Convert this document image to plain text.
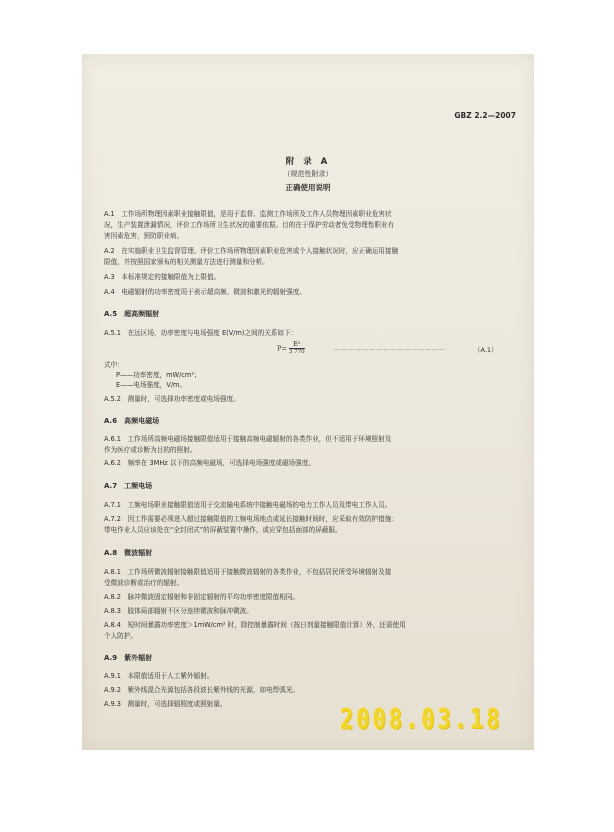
GBZ 2.2—2007
附 录 A
（规范性附录）
正确使用说明
A.1　工作场所物理因素职业接触限值，是用于监督、监测工作场所及工作人员物理因素职业危害状
况，生产装置泄漏情况，评价工作场所卫生状况的重要依据。目的在于保护劳动者免受物理性职业有
害因素危害，预防职业病。
A.2　在实施职业卫生监督管理、评价工作场所物理因素职业危害或个人接触状况时，应正确运用接触
限值，并按照国家颁布的相关测量方法进行测量和分析。
A.3　本标准规定的接触限值为上限值。
A.4　电磁辐射的功率密度用于表示超高频、微波和激光的辐射强度。
A.5　超高频辐射
A.5.1　在远区场，功率密度与电场强度 E(V/m)之间的关系如下：
$P= \frac{\text{E²}}{3 770}$	…………………………………………	（A.1）
式中：
P——功率密度，mW/cm²；
E——电场强度，V/m。
A.5.2　测量时，可选择功率密度或电场强度。
A.6　高频电磁场
A.6.1　工作场所高频电磁场接触限值适用于接触高频电磁辐射的各类作业，但不适用于环境照射及
作为医疗或诊断为目的的照射。
A.6.2　频率在 3MHz 以下的高频电磁场，可选择电场强度或磁场强度。
A.7　工频电场
A.7.1　工频电场职业接触限值适用于交流输电系统中接触电磁场的电力工作人员及带电工作人员。
A.7.2　因工作需要必须进入超过接触限值的工频电场地点或延长接触时间时，应采取有效防护措施：
带电作业人员应该处在“全封闭式”的屏蔽装置中操作，或应穿包括面部的屏蔽服。
A.8　微波辐射
A.8.1　工作场所微波辐射接触限值适用于接触微波辐射的各类作业，不包括居民所受环境辐射及接
受微波诊断或治疗的辐射。
A.8.2　脉冲微波固定辐射和非固定辐射的平均功率密度限值相同。
A.8.3　肢体局部辐射不区分连续微波和脉冲微波。
A.8.4　短时间暴露功率密度＞1mW/cm² 时，除控制暴露时间（按日剂量接触限值计算）外，还需使用
个人防护。
A.9　紫外辐射
A.9.1　本限值适用于人工紫外辐射。
A.9.2　紫外线混合光源包括各段波长紫外线的光源，如电焊弧光。
A.9.3　测量时，可选择辐照度或照射量。	2008.03.18
